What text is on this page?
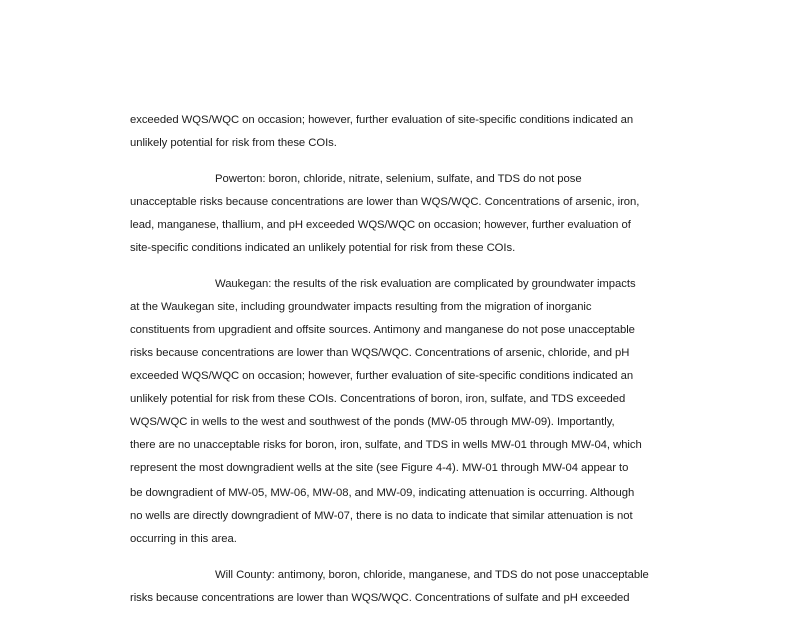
exceeded WQS/WQC on occasion; however, further evaluation of site-specific conditions indicated an
unlikely potential for risk from these COIs.
Powerton: boron, chloride, nitrate, selenium, sulfate, and TDS do not pose
unacceptable risks because concentrations are lower than WQS/WQC. Concentrations of arsenic, iron,
lead, manganese, thallium, and pH exceeded WQS/WQC on occasion; however, further evaluation of
site-specific conditions indicated an unlikely potential for risk from these COIs.
Waukegan: the results of the risk evaluation are complicated by groundwater impacts
at the Waukegan site, including groundwater impacts resulting from the migration of inorganic
constituents from upgradient and offsite sources. Antimony and manganese do not pose unacceptable
risks because concentrations are lower than WQS/WQC. Concentrations of arsenic, chloride, and pH
exceeded WQS/WQC on occasion; however, further evaluation of site-specific conditions indicated an
unlikely potential for risk from these COIs. Concentrations of boron, iron, sulfate, and TDS exceeded
WQS/WQC in wells to the west and southwest of the ponds (MW-05 through MW-09). Importantly,
there are no unacceptable risks for boron, iron, sulfate, and TDS in wells MW-01 through MW-04, which
represent the most downgradient wells at the site (see Figure 4-4). MW-01 through MW-04 appear to
be downgradient of MW-05, MW-06, MW-08, and MW-09, indicating attenuation is occurring. Although
no wells are directly downgradient of MW-07, there is no data to indicate that similar attenuation is not
occurring in this area.
Will County: antimony, boron, chloride, manganese, and TDS do not pose unacceptable
risks because concentrations are lower than WQS/WQC. Concentrations of sulfate and pH exceeded
